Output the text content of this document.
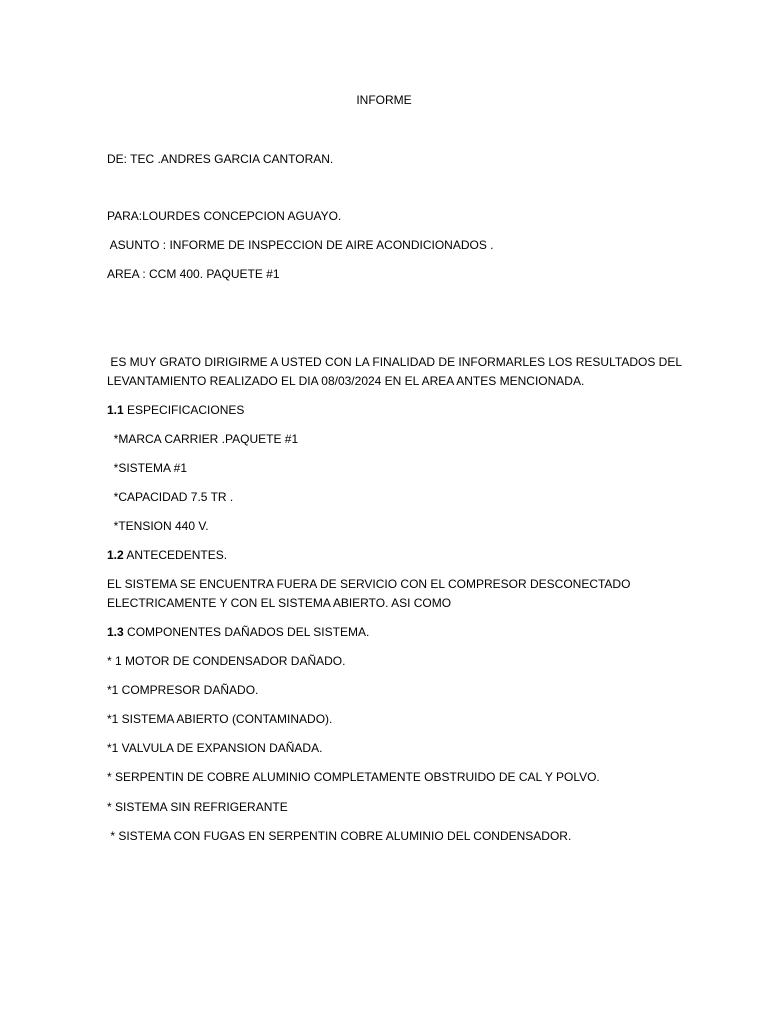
INFORME
DE: TEC .ANDRES GARCIA CANTORAN.
PARA:LOURDES CONCEPCION AGUAYO.
ASUNTO : INFORME DE INSPECCION DE AIRE ACONDICIONADOS .
AREA : CCM 400. PAQUETE #1
ES MUY GRATO DIRIGIRME A USTED CON LA FINALIDAD DE INFORMARLES LOS RESULTADOS DEL
LEVANTAMIENTO REALIZADO EL DIA 08/03/2024 EN EL AREA ANTES MENCIONADA.
1.1 ESPECIFICACIONES
*MARCA CARRIER .PAQUETE #1
*SISTEMA #1
*CAPACIDAD 7.5 TR .
*TENSION 440 V.
1.2 ANTECEDENTES.
EL SISTEMA SE ENCUENTRA FUERA DE SERVICIO CON EL COMPRESOR DESCONECTADO
ELECTRICAMENTE Y CON EL SISTEMA ABIERTO. ASI COMO
1.3 COMPONENTES DAÑADOS DEL SISTEMA.
* 1 MOTOR DE CONDENSADOR DAÑADO.
*1 COMPRESOR DAÑADO.
*1 SISTEMA ABIERTO (CONTAMINADO).
*1 VALVULA DE EXPANSION DAÑADA.
* SERPENTIN DE COBRE ALUMINIO COMPLETAMENTE OBSTRUIDO DE CAL Y POLVO.
* SISTEMA SIN REFRIGERANTE
* SISTEMA CON FUGAS EN SERPENTIN COBRE ALUMINIO DEL CONDENSADOR.
